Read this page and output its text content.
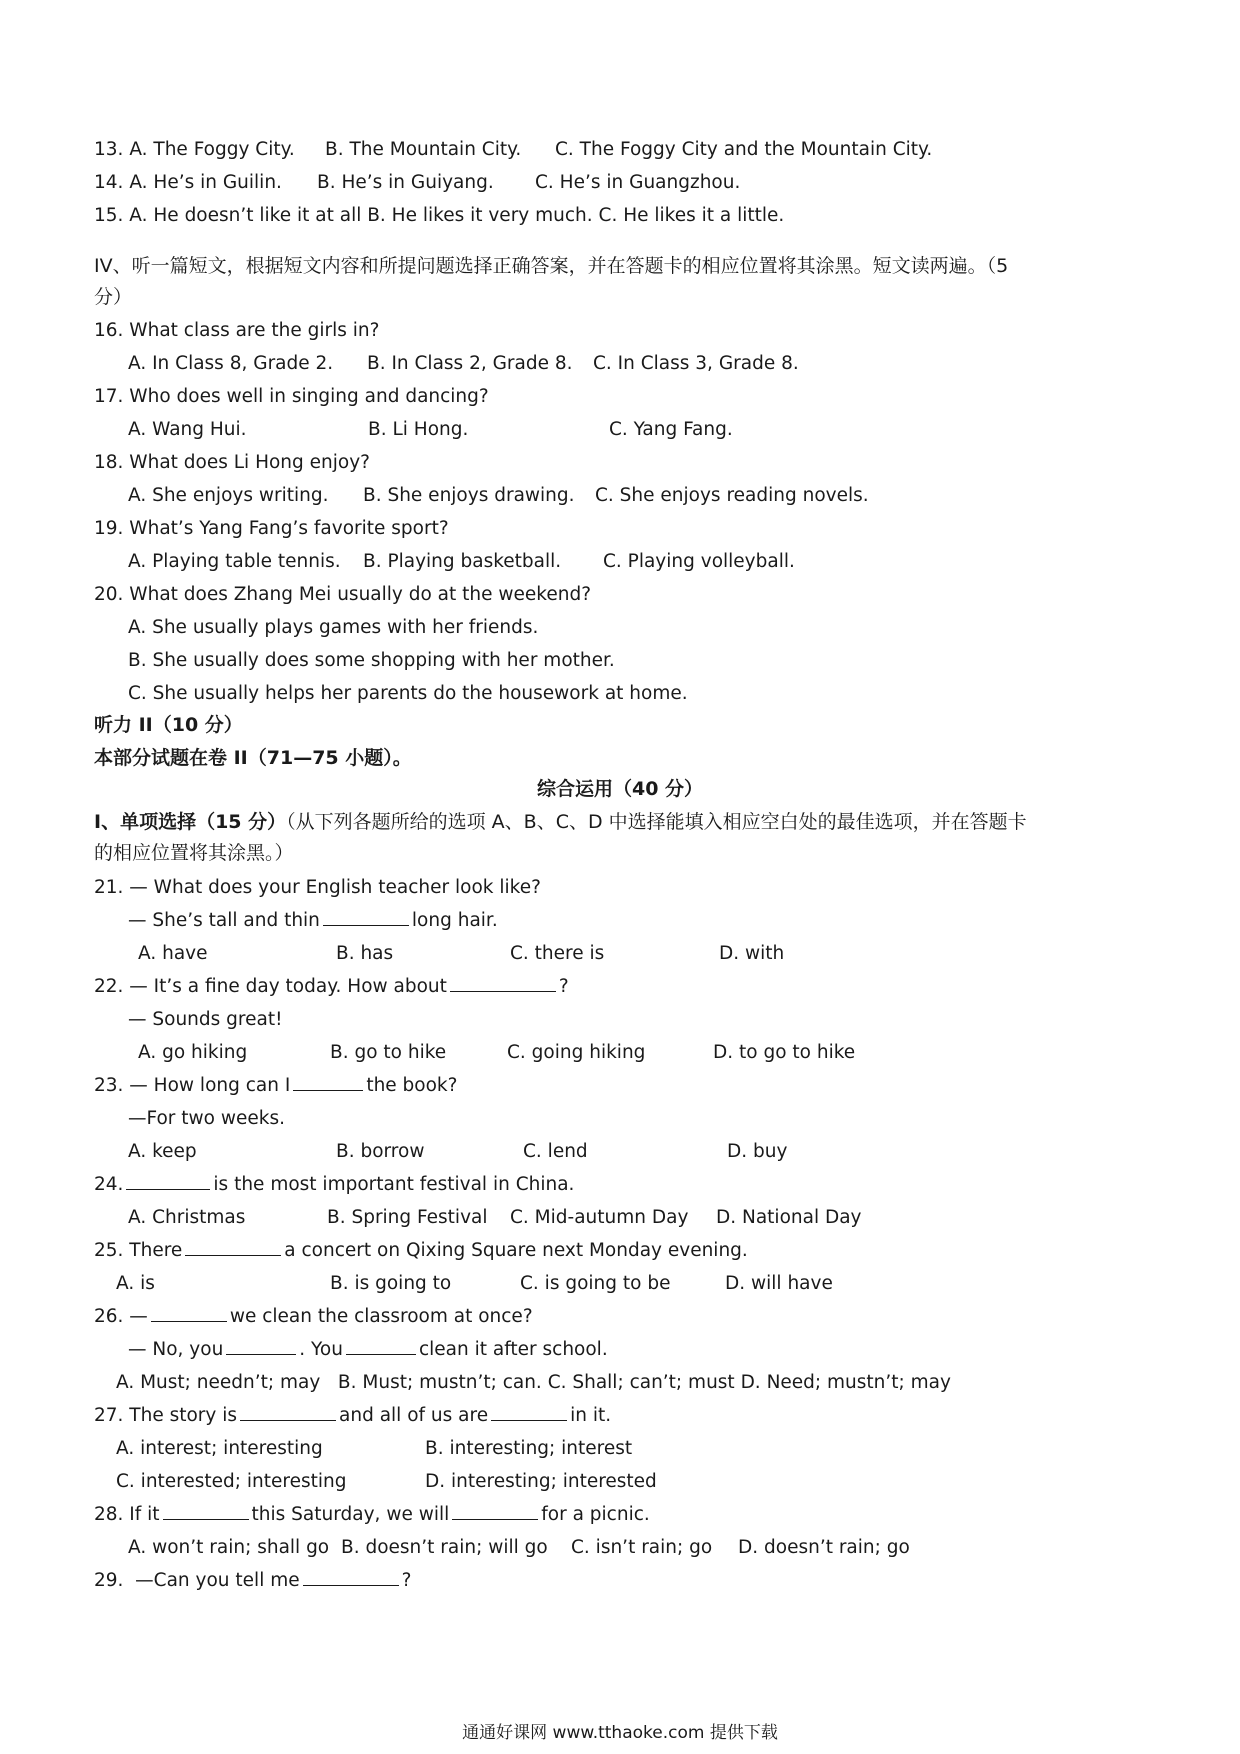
13. A. The Foggy City. B. The Mountain City. C. The Foggy City and the Mountain City.
14. A. He’s in Guilin. B. He’s in Guiyang. C. He’s in Guangzhou.
15. A. He doesn’t like it at all B. He likes it very much. C. He likes it a little.
IV、听一篇短文，根据短文内容和所提问题选择正确答案，并在答题卡的相应位置将其涂黑。短文读两遍。（5
分）
16. What class are the girls in?
A. In Class 8, Grade 2. B. In Class 2, Grade 8. C. In Class 3, Grade 8.
17. Who does well in singing and dancing?
A. Wang Hui.	B. Li Hong.	C. Yang Fang.
18. What does Li Hong enjoy?
A. She enjoys writing. B. She enjoys drawing. C. She enjoys reading novels.
19. What’s Yang Fang’s favorite sport?
A. Playing table tennis. B. Playing basketball. C. Playing volleyball.
20. What does Zhang Mei usually do at the weekend?
A. She usually plays games with her friends.
B. She usually does some shopping with her mother.
C. She usually helps her parents do the housework at home.
听力 II（10 分）
本部分试题在卷 II（71—75 小题）。
综合运用（40 分）
I、单项选择（15 分）（从下列各题所给的选项 A、B、C、D 中选择能填入相应空白处的最佳选项，并在答题卡
的相应位置将其涂黑。）
21. — What does your English teacher look like?
— She’s tall and thin	long hair.
A. have	B. has	C. there is	D. with
22. — It’s a fine day today. How about	?
— Sounds great!
A. go hiking	B. go to hike	C. going hiking	D. to go to hike
23. — How long can I	the book?
—For two weeks.
A. keep	B. borrow	C. lend	D. buy
24.	is the most important festival in China.
A. Christmas	B. Spring Festival C. Mid-autumn Day D. National Day
25. There	a concert on Qixing Square next Monday evening.
A. is	B. is going to	C. is going to be	D. will have
26. —	we clean the classroom at once?
— No, you	. You	clean it after school.
A. Must; needn’t; may   B. Must; mustn’t; can. C. Shall; can’t; must D. Need; mustn’t; may
27. The story is	and all of us are	in it.
A. interest; interesting	B. interesting; interest
C. interested; interesting	D. interesting; interested
28. If it	this Saturday, we will	for a picnic.
A. won’t rain; shall go B. doesn’t rain; will go C. isn’t rain; go D. doesn’t rain; go
29.  —Can you tell me	?
通通好课网 www.tthaoke.com 提供下载
